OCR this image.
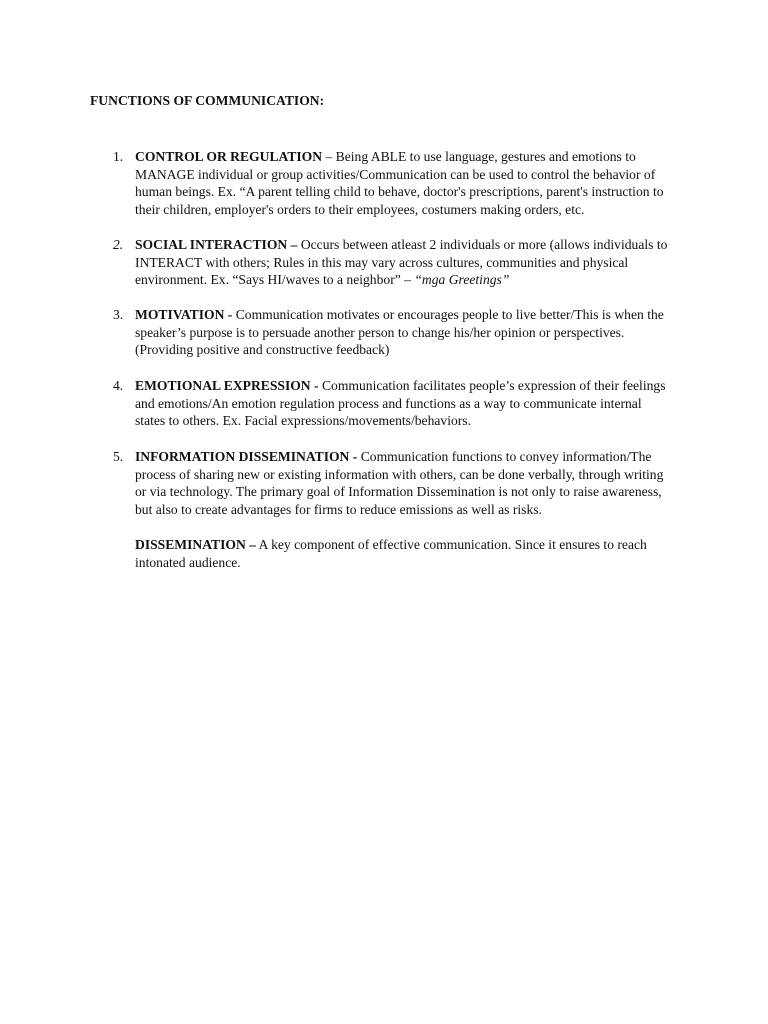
FUNCTIONS OF COMMUNICATION:
1. CONTROL OR REGULATION – Being ABLE to use language, gestures and emotions to
MANAGE individual or group activities/Communication can be used to control the behavior of
human beings. Ex. “A parent telling child to behave, doctor's prescriptions, parent's instruction to
their children, employer's orders to their employees, costumers making orders, etc.
2. SOCIAL INTERACTION – Occurs between atleast 2 individuals or more (allows individuals to
INTERACT with others; Rules in this may vary across cultures, communities and physical
environment. Ex. “Says HI/waves to a neighbor” – “mga Greetings”
3. MOTIVATION - Communication motivates or encourages people to live better/This is when the
speaker’s purpose is to persuade another person to change his/her opinion or perspectives.
(Providing positive and constructive feedback)
4. EMOTIONAL EXPRESSION - Communication facilitates people’s expression of their feelings
and emotions/An emotion regulation process and functions as a way to communicate internal
states to others. Ex. Facial expressions/movements/behaviors.
5. INFORMATION DISSEMINATION - Communication functions to convey information/The
process of sharing new or existing information with others, can be done verbally, through writing
or via technology. The primary goal of Information Dissemination is not only to raise awareness,
but also to create advantages for firms to reduce emissions as well as risks.
DISSEMINATION – A key component of effective communication. Since it ensures to reach
intonated audience.
